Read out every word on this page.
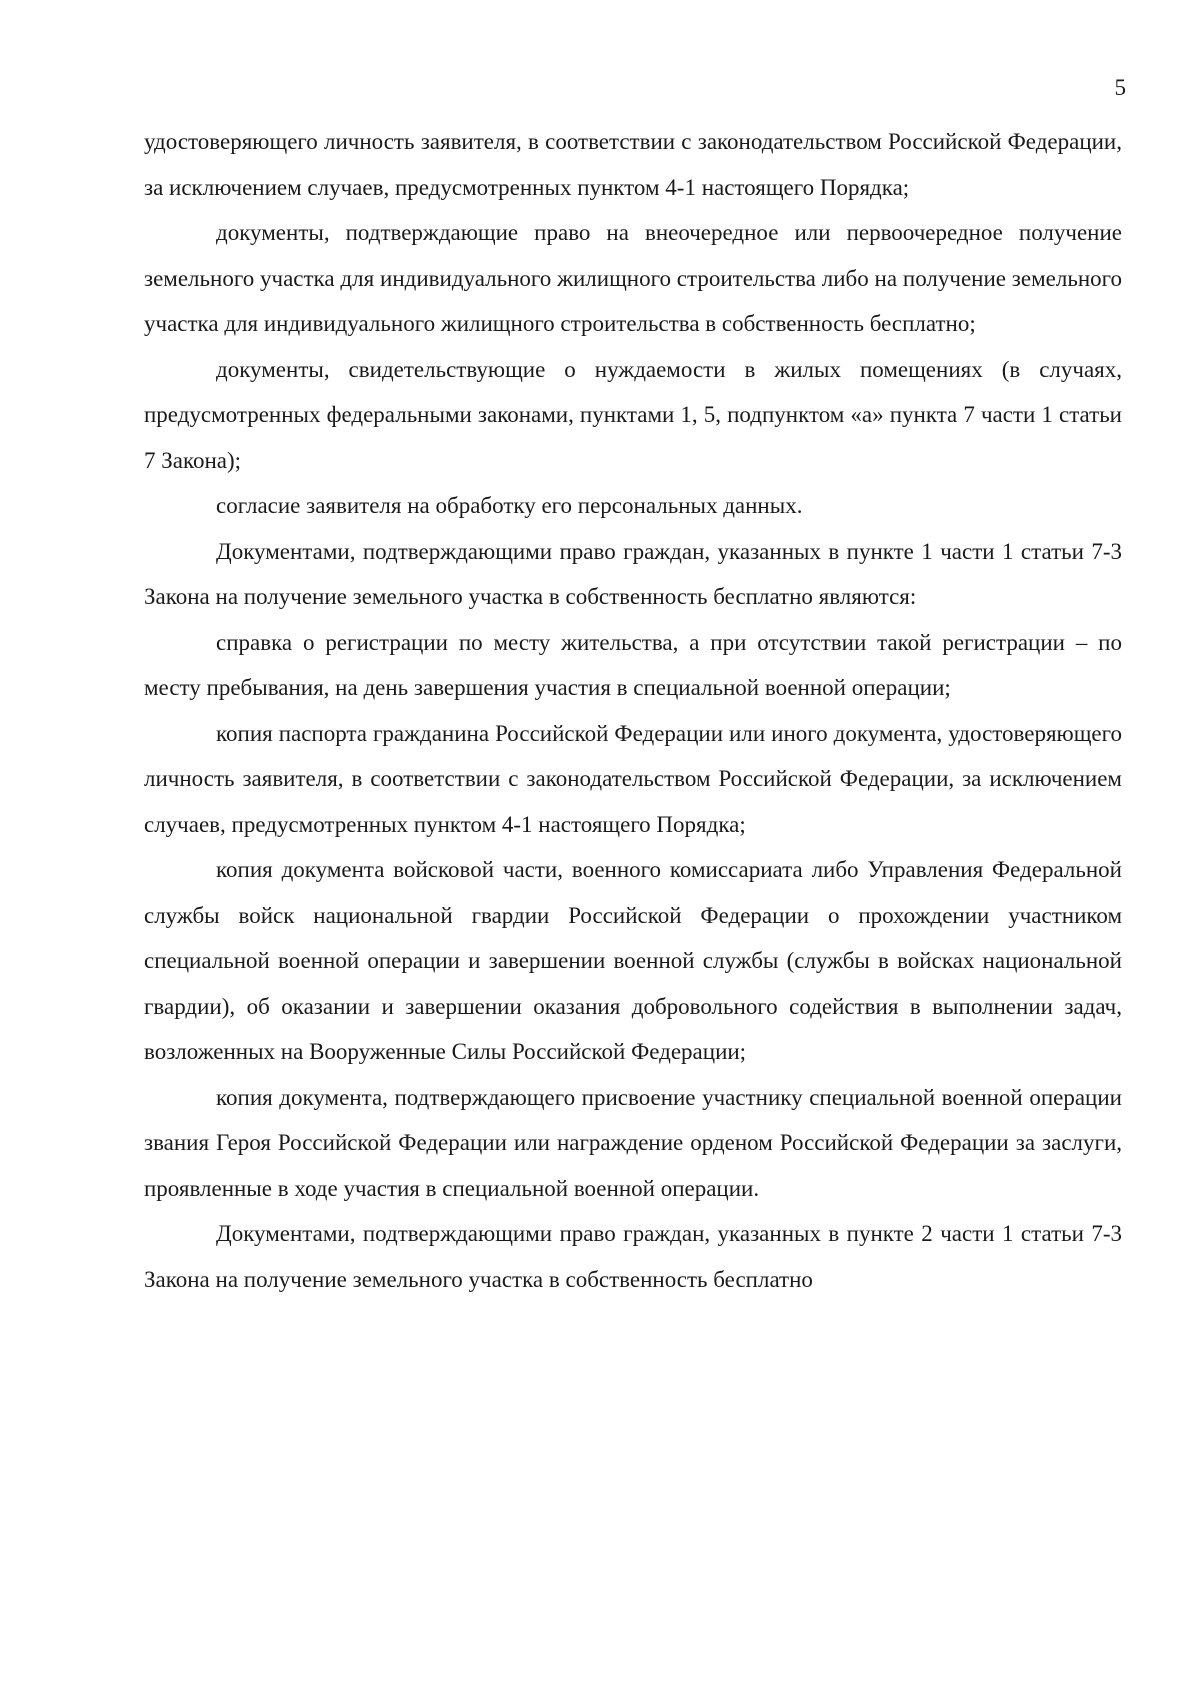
5

удостоверяющего личность заявителя, в соответствии с законодательством Российской Федерации, за исключением случаев, предусмотренных пунктом 4-1 настоящего Порядка;

документы, подтверждающие право на внеочередное или первоочередное получение земельного участка для индивидуального жилищного строительства либо на получение земельного участка для индивидуального жилищного строительства в собственность бесплатно;

документы, свидетельствующие о нуждаемости в жилых помещениях (в случаях, предусмотренных федеральными законами, пунктами 1, 5, подпунктом «а» пункта 7 части 1 статьи 7 Закона);

согласие заявителя на обработку его персональных данных.

Документами, подтверждающими право граждан, указанных в пункте 1 части 1 статьи 7-3 Закона на получение земельного участка в собственность бесплатно являются:

справка о регистрации по месту жительства, а при отсутствии такой регистрации – по месту пребывания, на день завершения участия в специальной военной операции;

копия паспорта гражданина Российской Федерации или иного документа, удостоверяющего личность заявителя, в соответствии с законодательством Российской Федерации, за исключением случаев, предусмотренных пунктом 4-1 настоящего Порядка;

копия документа войсковой части, военного комиссариата либо Управления Федеральной службы войск национальной гвардии Российской Федерации о прохождении участником специальной военной операции и завершении военной службы (службы в войсках национальной гвардии), об оказании и завершении оказания добровольного содействия в выполнении задач, возложенных на Вооруженные Силы Российской Федерации;

копия документа, подтверждающего присвоение участнику специальной военной операции звания Героя Российской Федерации или награждение орденом Российской Федерации за заслуги, проявленные в ходе участия в специальной военной операции.

Документами, подтверждающими право граждан, указанных в пункте 2 части 1 статьи 7-3 Закона на получение земельного участка в собственность бесплатно
